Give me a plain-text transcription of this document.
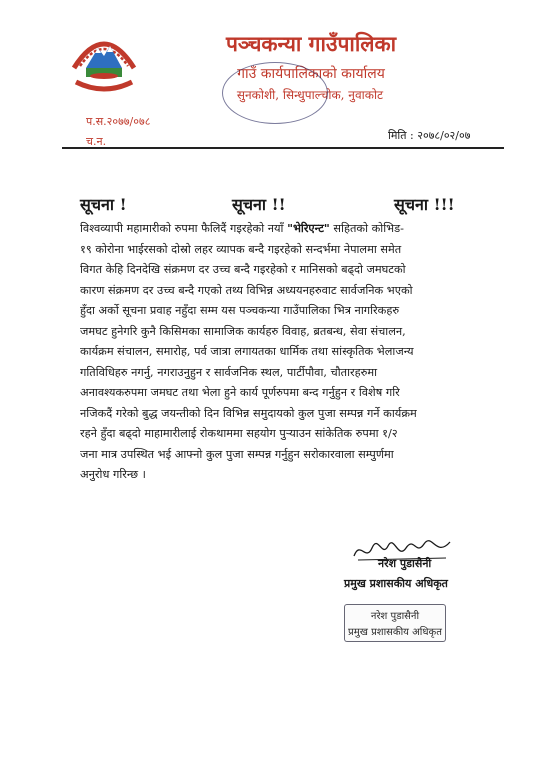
पञ्चकन्या गाउँपालिका
गाउँ कार्यपालिकाको कार्यालय
सुनकोशी, सिन्धुपाल्चोक, नुवाकोट
प.स.२०७७/०७८
च.न.	मिति : २०७८/०२/०७
सूचना !	सूचना !!	सूचना !!!

विश्वव्यापी महामारीको रुपमा फैलिदैं गइरहेको नयाँ "भेरिएन्ट" सहितको कोभिड-
१९ कोरोना भाईरसको दोस्रो लहर व्यापक बन्दै गइरहेको सन्दर्भमा नेपालमा समेत
विगत केहि दिनदेखि संक्रमण दर उच्च बन्दै गइरहेको र मानिसको बढ्दो जमघटको
कारण संक्रमण दर उच्च बन्दै गएको तथ्य विभिन्न अध्ययनहरुवाट सार्वजनिक भएको
हुँदा अर्को सूचना प्रवाह नहुँदा सम्म यस पञ्चकन्या गाउँपालिका भित्र नागरिकहरु
जमघट हुनेगरि कुनै किसिमका सामाजिक कार्यहरु विवाह, ब्रतबन्ध, सेवा संचालन,
कार्यक्रम संचालन, समारोह, पर्व जात्रा लगायतका धार्मिक तथा सांस्कृतिक भेलाजन्य
गतिविधिहरु नगर्नु, नगराउनुहुन र सार्वजनिक स्थल, पार्टीपौवा, चौतारहरुमा
अनावश्यकरुपमा जमघट तथा भेला हुने कार्य पूर्णरुपमा बन्द गर्नुहुन र विशेष गरि
नजिकदैं गरेको बुद्ध जयन्तीको दिन विभिन्न समुदायको कुल पुजा सम्पन्न गर्ने कार्यक्रम
रहने हुँदा बढ्दो माहामारीलाई रोकथाममा सहयोग पुऱ्याउन सांकेतिक रुपमा १/२
जना मात्र उपस्थित भई आफ्नो कुल पुजा सम्पन्न गर्नुहुन सरोकारवाला सम्पुर्णमा
अनुरोध गरिन्छ ।

नरेश पुडासैनी
प्रमुख प्रशासकीय अधिकृत
नरेश पुडासैनी
प्रमुख प्रशासकीय अधिकृत
